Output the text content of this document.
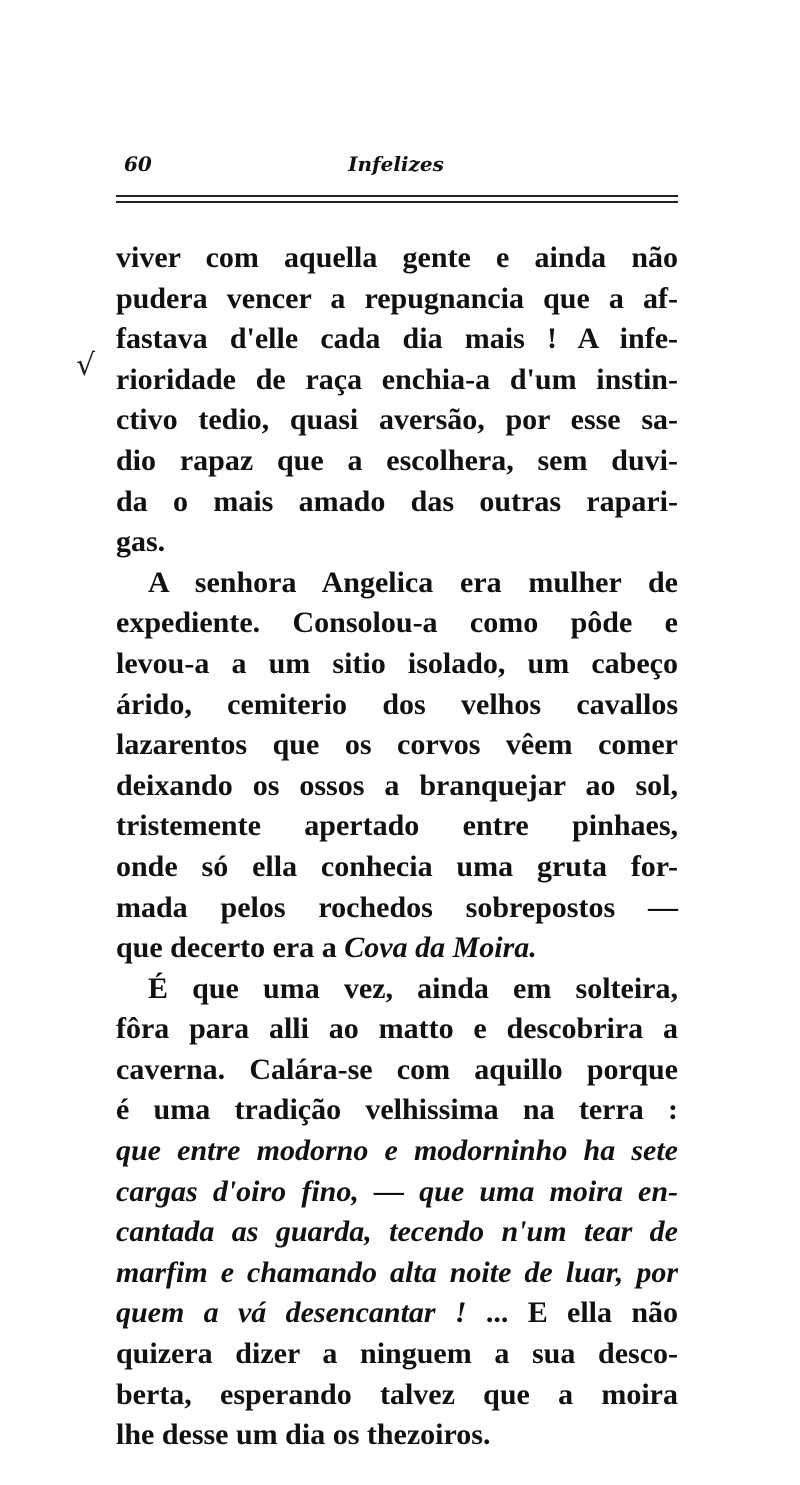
60	Infelizes
√
viver com aquella gente e ainda não
pudera vencer a repugnancia que a af-
fastava d'elle cada dia mais ! A infe-
rioridade de raça enchia-a d'um instin-
ctivo tedio, quasi aversão, por esse sa-
dio rapaz que a escolhera, sem duvi-
da o mais amado das outras rapari-
gas.
A senhora Angelica era mulher de
expediente. Consolou-a como pôde e
levou-a a um sitio isolado, um cabeço
árido, cemiterio dos velhos cavallos
lazarentos que os corvos vêem comer
deixando os ossos a branquejar ao sol,
tristemente apertado entre pinhaes,
onde só ella conhecia uma gruta for-
mada pelos rochedos sobrepostos —
que decerto era a Cova da Moira.
É que uma vez, ainda em solteira,
fôra para alli ao matto e descobrira a
caverna. Calára-se com aquillo porque
é uma tradição velhissima na terra :
que entre modorno e modorninho ha sete
cargas d'oiro fino, — que uma moira en-
cantada as guarda, tecendo n'um tear de
marfim e chamando alta noite de luar, por
quem a vá desencantar ! ... E ella não
quizera dizer a ninguem a sua desco-
berta, esperando talvez que a moira
lhe desse um dia os thezoiros.
